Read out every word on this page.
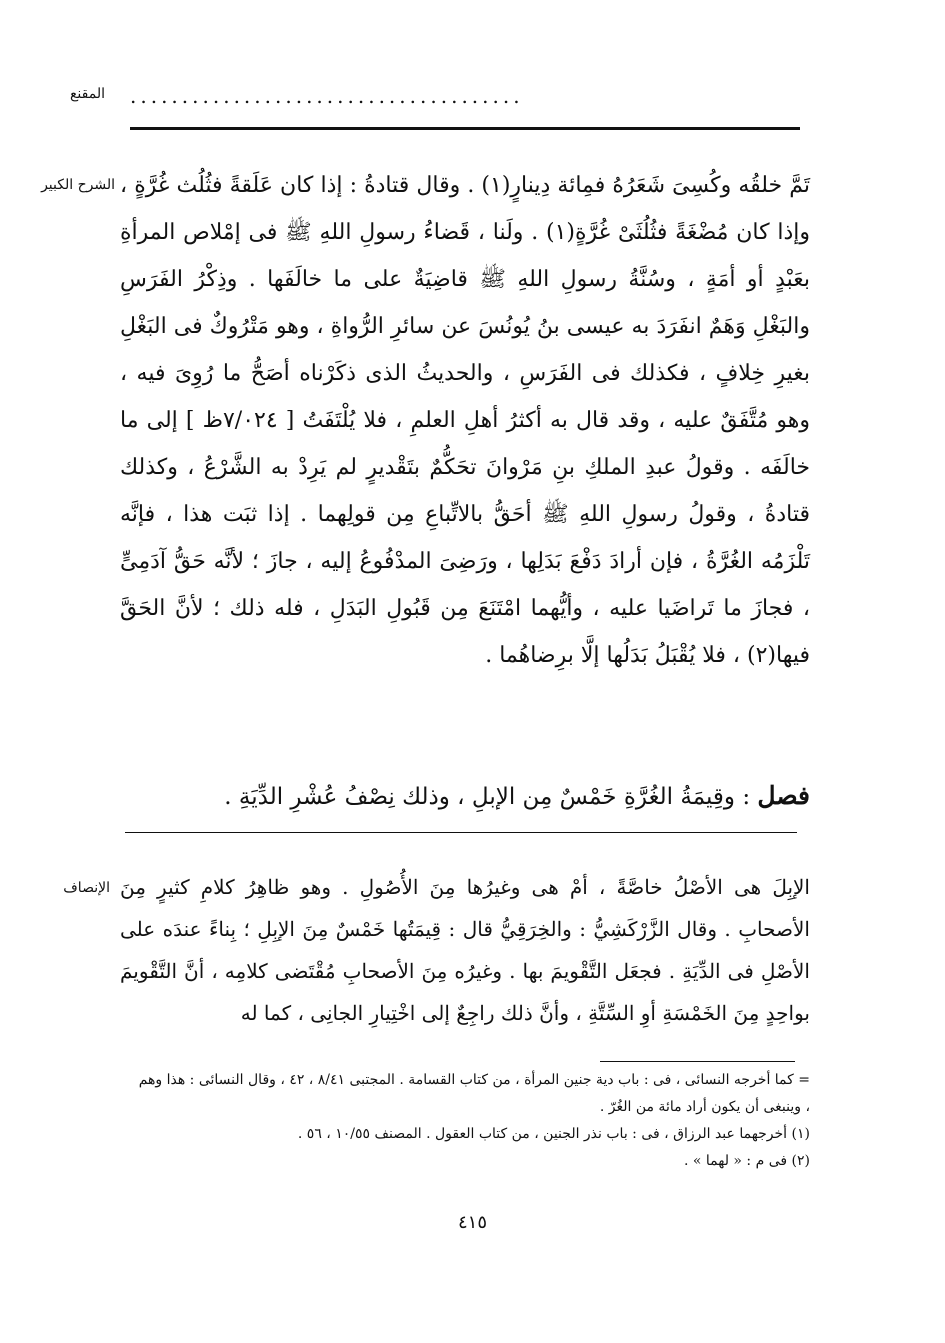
المقنع ......................................
الشرح الكبير تَمَّ خلقُه وكُسِىَ شَعَرُهُ فمِائة دِينارٍ(١) . وقال قتادةُ : إذا كان عَلَقةً فثُلُث غُرَّةٍ ، وإذا كان مُضْغَةً فثُلُثَىْ غُرَّةٍ(١) . ولَنا ، قَضاءُ رسولِ اللهِ ﷺ فى إمْلاص المرأةِ بعَبْدٍ أو أمَةٍ ، وسُنَّةُ رسولِ اللهِ ﷺ قاضِيَةٌ على ما خالَفَها . وذِكْرُ الفَرَسِ والبَغْلِ وَهَمٌ انفَرَدَ به عيسى بنُ يُونُسَ عن سائرِ الرُّواةِ ، وهو مَتْرُوكٌ فى البَغْلِ بغيرِ خِلافٍ ، فكذلك فى الفَرَسِ ، والحديثُ الذى ذكَرْناه أصَحُّ ما رُوِىَ فيه ، وهو مُتَّفَقٌ عليه ، وقد قال به أكثرُ أهلِ العلمِ ، فلا يُلْتَفَتُ [ ٧/٠٢٤ظ ] إلى ما خالَفَه . وقولُ عبدِ الملكِ بنِ مَرْوانَ تحَكُّمٌ بتَقْديرٍ لم يَرِدْ به الشَّرْعُ ، وكذلك قتادةُ ، وقولُ رسولِ اللهِ ﷺ أحَقُّ بالاتِّباعِ مِن قولِهما . إذا ثبَت هذا ، فإنَّه تَلْزَمُه الغُرَّةُ ، فإن أرادَ دَفْعَ بَدَلِها ، ورَضِىَ المدْفُوعُ إليه ، جازَ ؛ لأنَّه حَقُّ آدَمِىٍّ ، فجازَ ما تَراضَيا عليه ، وأيُّهما امْتَنَعَ مِن قَبُولِ البَدَلِ ، فله ذلك ؛ لأنَّ الحَقَّ فيها(٢) ، فلا يُقْبَلُ بَدَلُها إلَّا برِضاهُما .

فصل : وقِيمَةُ الغُرَّةِ خَمْسٌ مِن الإبلِ ، وذلك نِصْفُ عُشْرِ الدِّيَةِ .
الإنصاف الإبِلَ هى الأصْلُ خاصَّةً ، أمْ هى وغيرُها مِنَ الأُصُولِ . وهو ظاهِرُ كلامِ كثيرٍ مِنَ الأصحابِ . وقال الزَّرْكَشِيُّ : والخِرَقِيُّ قال : قِيمَتُها خَمْسٌ مِنَ الإبِلِ ؛ بِناءً عندَه على الأصْلِ فى الدِّيَةِ . فجعَل التَّقْويمَ بها . وغيرُه مِنَ الأصحابِ مُقْتَضى كلامِه ، أنَّ التَّقْويمَ بواحِدٍ مِنَ الخَمْسَةِ أوِ السِّتَّةِ ، وأنَّ ذلك راجِعٌ إلى اخْتِيارِ الجانِى ، كما له

= كما أخرجه النسائى ، فى : باب دية جنين المرأة ، من كتاب القسامة . المجتبى ٨/٤١ ، ٤٢ ، وقال النسائى : هذا وهم ، وينبغى أن يكون أراد مائة من الغُرّ .

(١) أخرجهما عبد الرزاق ، فى : باب نذر الجنين ، من كتاب العقول . المصنف ١٠/٥٥ ، ٥٦ .

(٢) فى م : « لهما » .

٤١٥
